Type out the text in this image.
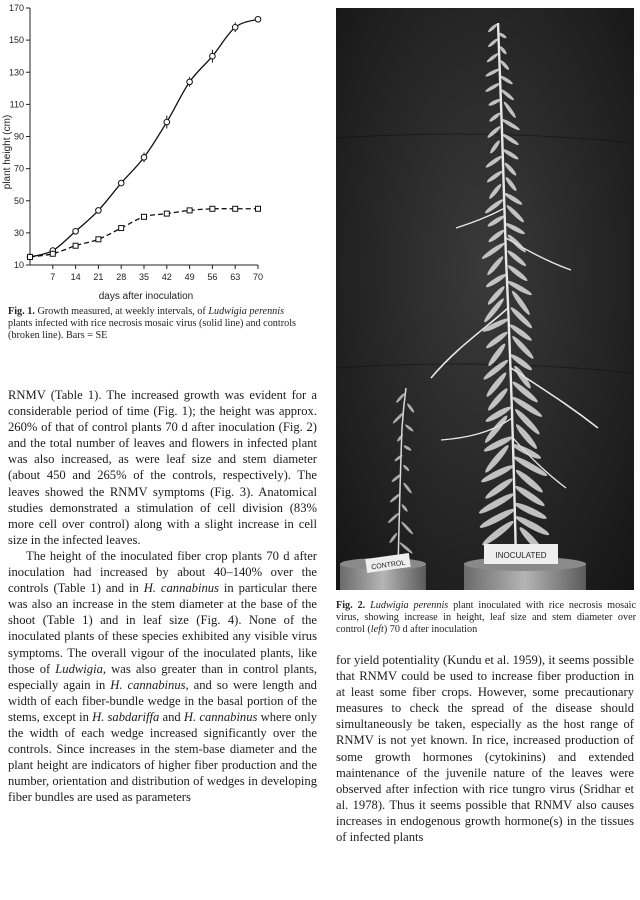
10
30
50
70
90
110
130
150
170
7 14 21 28 35 42 49 56 63 70
plant height (cm)
days after inoculation
Fig. 1. Growth measured, at weekly intervals, of Ludwigia perennis plants infected with rice necrosis mosaic virus (solid line) and controls (broken line). Bars = SE
CONTROL
INOCULATED
Fig. 2. Ludwigia perennis plant inoculated with rice necrosis mosaic virus, showing increase in height, leaf size and stem diameter over control (left) 70 d after inoculation

RNMV (Table 1). The increased growth was evident for a considerable period of time (Fig. 1); the height was approx. 260% of that of control plants 70 d after inoculation (Fig. 2) and the total number of leaves and flowers in infected plant was also increased, as were leaf size and stem diameter (about 450 and 265% of the controls, respectively). The leaves showed the RNMV symptoms (Fig. 3). Anatomical studies demonstrated a stimulation of cell division (83% more cell over control) along with a slight increase in cell size in the infected leaves.

The height of the inoculated fiber crop plants 70 d after inoculation had increased by about 40–140% over the controls (Table 1) and in H. cannabinus in particular there was also an increase in the stem diameter at the base of the shoot (Table 1) and in leaf size (Fig. 4). None of the inoculated plants of these species exhibited any visible virus symptoms. The overall vigour of the inoculated plants, like those of Ludwigia, was also greater than in control plants, especially again in H. cannabinus, and so were length and width of each fiber-bundle wedge in the basal portion of the stems, except in H. sabdariffa and H. cannabinus where only the width of each wedge increased significantly over the controls. Since increases in the stem-base diameter and the plant height are indicators of higher fiber production and the number, orientation and distribution of wedges in developing fiber bundles are used as parameters

for yield potentiality (Kundu et al. 1959), it seems possible that RNMV could be used to increase fiber production in at least some fiber crops. However, some precautionary measures to check the spread of the disease should simultaneously be taken, especially as the host range of RNMV is not yet known. In rice, increased production of some growth hormones (cytokinins) and extended maintenance of the juvenile nature of the leaves were observed after infection with rice tungro virus (Sridhar et al. 1978). Thus it seems possible that RNMV also causes increases in endogenous growth hormone(s) in the tissues of infected plants
